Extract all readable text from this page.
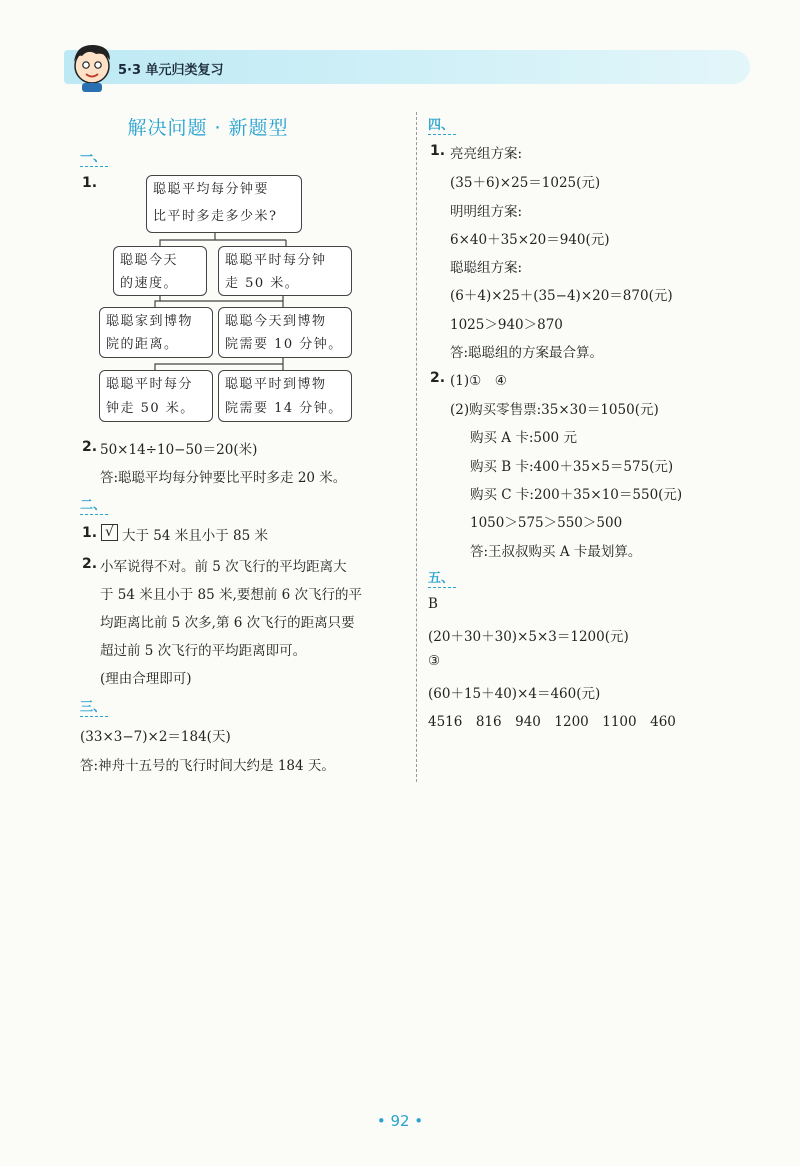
5·3 单元归类复习
解决问题 · 新题型
一、
1.	聪聪平均每分钟要
比平时多走多少米?
聪聪今天
的速度。
聪聪平时每分钟
走 50 米。
聪聪家到博物
院的距离。
聪聪今天到博物
院需要 10 分钟。
聪聪平时每分
钟走 50 米。
聪聪平时到博物
院需要 14 分钟。
2. 50×14÷10−50＝20(米)
答:聪聪平均每分钟要比平时多走 20 米。
二、
1. √ 大于 54 米且小于 85 米
2. 小军说得不对。前 5 次飞行的平均距离大
于 54 米且小于 85 米,要想前 6 次飞行的平
均距离比前 5 次多,第 6 次飞行的距离只要
超过前 5 次飞行的平均距离即可。
(理由合理即可)
三、
(33×3−7)×2＝184(天)
答:神舟十五号的飞行时间大约是 184 天。
四、
1. 亮亮组方案:
(35＋6)×25＝1025(元)
明明组方案:
6×40＋35×20＝940(元)
聪聪组方案:
(6＋4)×25＋(35−4)×20＝870(元)
1025＞940＞870
答:聪聪组的方案最合算。
2. (1)①　④
(2)购买零售票:35×30＝1050(元)
购买 A 卡:500 元
购买 B 卡:400＋35×5＝575(元)
购买 C 卡:200＋35×10＝550(元)
1050＞575＞550＞500
答:王叔叔购买 A 卡最划算。
五、
B
(20＋30＋30)×5×3＝1200(元)
③
(60＋15＋40)×4＝460(元)
4516　816　940　1200　1100　460
• 92 •
